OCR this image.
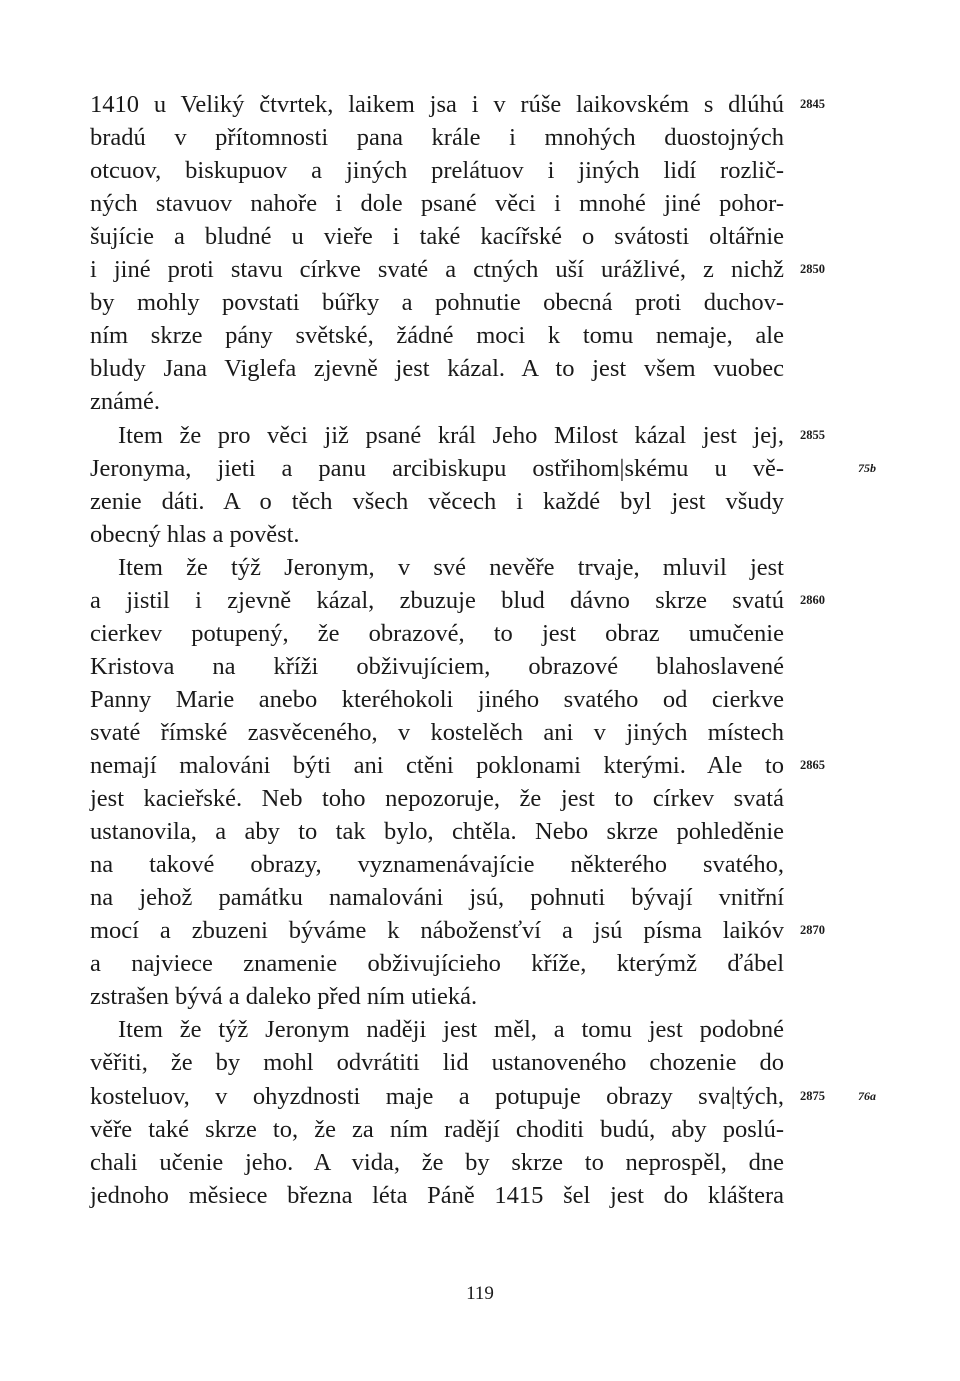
1410 u Veliký čtvrtek, laikem jsa i v rúše laikovském s dlúhú
bradú v přítomnosti pana krále i mnohých duostojných
otcuov, biskupuov a jiných prelátuov i jiných lidí rozlič-
ných stavuov nahoře i dole psané věci i mnohé jiné pohor-
šujície a bludné u vieře i také kacířské o svátosti oltářnie
i jiné proti stavu církve svaté a ctných uší urážlivé, z nichž
by mohly povstati búřky a pohnutie obecná proti duchov-
ním skrze pány světské, žádné moci k tomu nemaje, ale
bludy Jana Viglefa zjevně jest kázal. A to jest všem vuobec
známé.
Item že pro věci již psané král Jeho Milost kázal jest jej,
Jeronyma, jieti a panu arcibiskupu ostřihom|skému u vě-
zenie dáti. A o těch všech věcech i každé byl jest všudy
obecný hlas a pověst.
Item že týž Jeronym, v své nevěře trvaje, mluvil jest
a jistil i zjevně kázal, zbuzuje blud dávno skrze svatú
cierkev potupený, že obrazové, to jest obraz umučenie
Kristova na kříži obživujíciem, obrazové blahoslavené
Panny Marie anebo kteréhokoli jiného svatého od cierkve
svaté římské zasvěceného, v kostelěch ani v jiných místech
nemají malováni býti ani ctěni poklonami kterými. Ale to
jest kacieřské. Neb toho nepozoruje, že jest to církev svatá
ustanovila, a aby to tak bylo, chtěla. Nebo skrze pohleděnie
na takové obrazy, vyznamenávajície některého svatého,
na jehož památku namalováni jsú, pohnuti bývají vnitřní
mocí a zbuzeni býváme k nábožensťví a jsú písma laikóv
a najviece znamenie obživujícieho kříže, kterýmž ďábel
zstrašen bývá a daleko před ním utieká.
Item že týž Jeronym naději jest měl, a tomu jest podobné
věřiti, že by mohl odvrátiti lid ustanoveného chozenie do
kosteluov, v ohyzdnosti maje a potupuje obrazy sva|tých,
věře také skrze to, že za ním radějí choditi budú, aby poslú-
chali učenie jeho. A vida, že by skrze to neprospěl, dne
jednoho měsiece března léta Páně 1415 šel jest do kláštera
2845
2850
2855
2860
2865
2870
2875
75b
76a
119
